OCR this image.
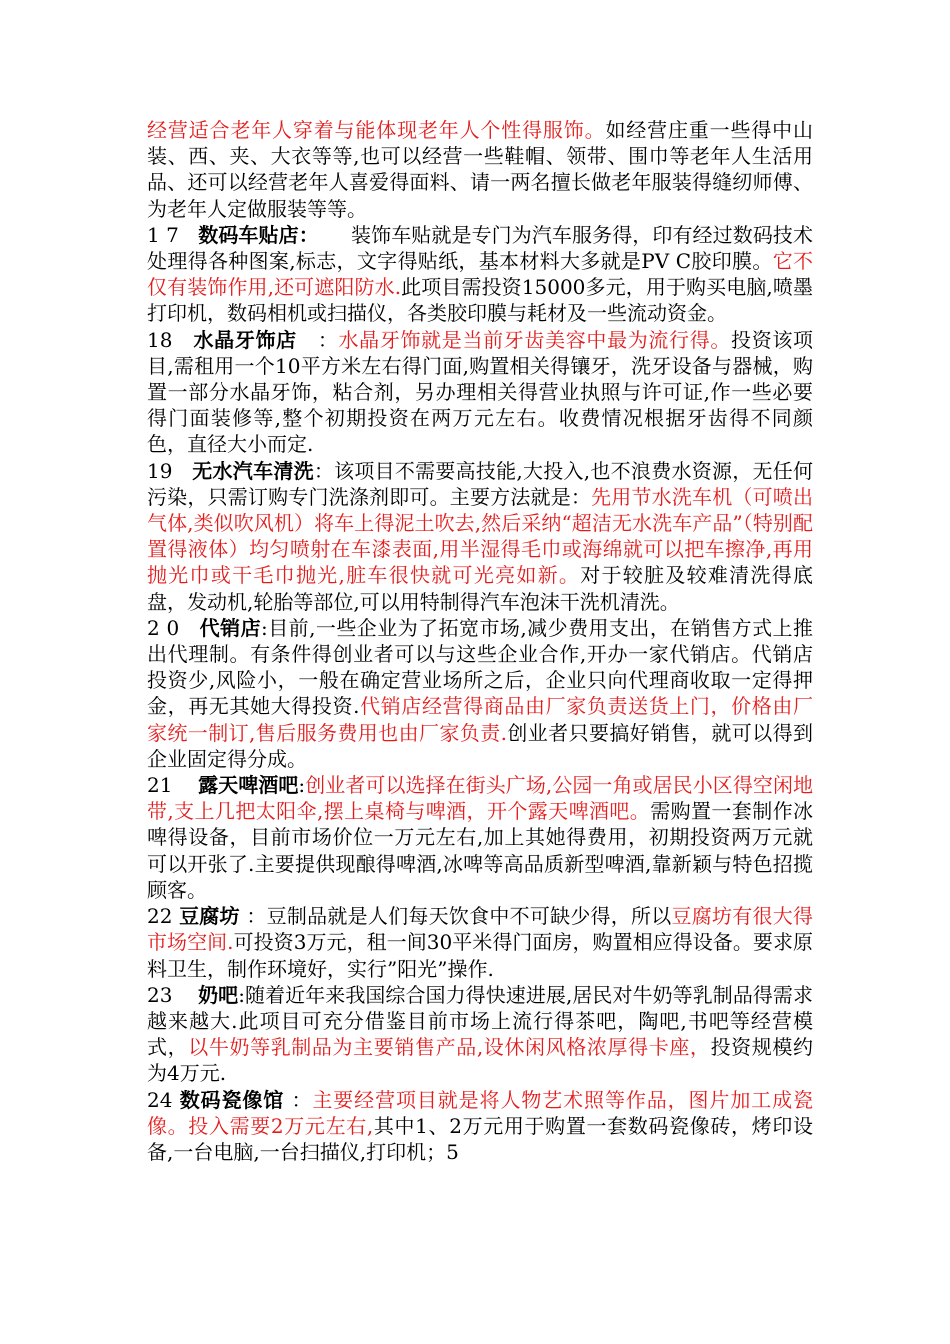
经营适合老年人穿着与能体现老年人个性得服饰。如经营庄重一些得中山装、西、夹、大衣等等,也可以经营一些鞋帽、领带、围巾等老年人生活用品、还可以经营老年人喜爱得面料、请一两名擅长做老年服装得缝纫师傅、为老年人定做服装等等。

1 7   数码车贴店：     装饰车贴就是专门为汽车服务得，印有经过数码技术处理得各种图案,标志，文字得贴纸，基本材料大多就是PV C胶印膜。它不仅有装饰作用,还可遮阳防水.此项目需投资15000多元，用于购买电脑,喷墨打印机，数码相机或扫描仪，各类胶印膜与耗材及一些流动资金。

18   水晶牙饰店   ：水晶牙饰就是当前牙齿美容中最为流行得。投资该项目,需租用一个10平方米左右得门面,购置相关得镶牙，洗牙设备与器械，购置一部分水晶牙饰，粘合剂，另办理相关得营业执照与许可证,作一些必要得门面装修等,整个初期投资在两万元左右。收费情况根据牙齿得不同颜色，直径大小而定.

19   无水汽车清洗：该项目不需要高技能,大投入,也不浪费水资源，无任何污染，只需订购专门洗涤剂即可。主要方法就是：先用节水洗车机（可喷出气体,类似吹风机）将车上得泥土吹去,然后采纳“超洁无水洗车产品”（特别配置得液体）均匀喷射在车漆表面,用半湿得毛巾或海绵就可以把车擦净,再用抛光巾或干毛巾抛光,脏车很快就可光亮如新。对于较脏及较难清洗得底盘，发动机,轮胎等部位,可以用特制得汽车泡沫干洗机清洗。

2 0   代销店:目前,一些企业为了拓宽市场,减少费用支出，在销售方式上推出代理制。有条件得创业者可以与这些企业合作,开办一家代销店。代销店投资少,风险小，一般在确定营业场所之后，企业只向代理商收取一定得押金，再无其她大得投资.代销店经营得商品由厂家负责送货上门，价格由厂家统一制订,售后服务费用也由厂家负责.创业者只要搞好销售，就可以得到企业固定得分成。

21    露天啤酒吧:创业者可以选择在街头广场,公园一角或居民小区得空闲地带,支上几把太阳伞,摆上桌椅与啤酒，开个露天啤酒吧。需购置一套制作冰啤得设备，目前市场价位一万元左右,加上其她得费用，初期投资两万元就可以开张了.主要提供现酿得啤酒,冰啤等高品质新型啤酒,靠新颖与特色招揽顾客。

22 豆腐坊 ：豆制品就是人们每天饮食中不可缺少得，所以豆腐坊有很大得市场空间.可投资3万元，租一间30平米得门面房，购置相应得设备。要求原料卫生，制作环境好，实行”阳光”操作.

23    奶吧:随着近年来我国综合国力得快速进展,居民对牛奶等乳制品得需求越来越大.此项目可充分借鉴目前市场上流行得茶吧，陶吧,书吧等经营模式，以牛奶等乳制品为主要销售产品,设休闲风格浓厚得卡座，投资规模约为4万元.

24 数码瓷像馆 ：主要经营项目就是将人物艺术照等作品，图片加工成瓷像。投入需要2万元左右,其中1、2万元用于购置一套数码瓷像砖，烤印设备,一台电脑,一台扫描仪,打印机；5
